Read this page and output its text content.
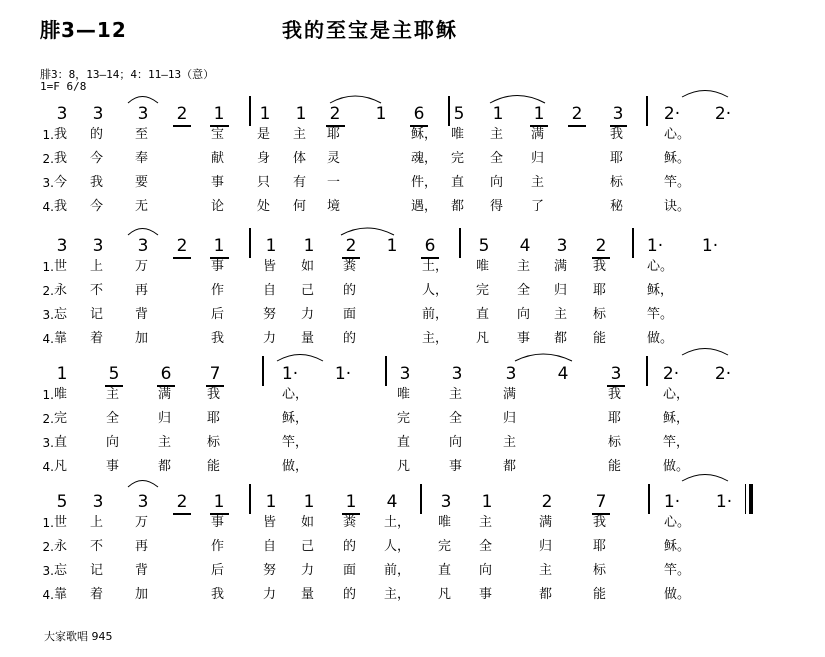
腓3—12	我的至宝是主耶稣
腓3：8，13—14；4：11—13（意）
1=F 6/8
大家歌唱 945
3 3 3 2 1 1 1 2 1 6 5 1 1 2 3 2· 2·
1. 我	的	至	宝	是	主	耶	稣，	唯	主	满	我	心。
2. 我	今	奉	献	身	体	灵	魂，	完	全	归	耶	稣。
3. 今	我	要	事	只	有	一	件，	直	向	主	标	竿。
4. 我	今	无	论	处	何	境	遇，	都	得	了	秘	诀。
3 3 3 2 1 1 1 2 1 6	5 4 3 2 1· 1·
1. 世	上	万	事	皆	如	粪	土，	唯	主	满	我	心。
2. 永	不	再	作	自	己	的	人，	完	全	归	耶	稣，
3. 忘	记	背	后	努	力	面	前，	直	向	主	标	竿。
4. 靠	着	加	我	力	量	的	主，	凡	事	都	能	做。
1 5 6 7	1· 1·	3 3	3 4 3 2· 2·
1. 唯	主	满	我	心，	唯	主	满	我	心，
2. 完	全	归	耶	稣，	完	全	归	耶	稣，
3. 直	向	主	标	竿，	直	向	主	标	竿，
4. 凡	事	都	能	做，	凡	事	都	能	做。
5 3 3 2 1 1 1 1 4	3 1	2	7	1· 1·
1. 世	上	万	事	皆	如	粪	土，	唯	主	满	我	心。
2. 永	不	再	作	自	己	的	人，	完	全	归	耶	稣。
3. 忘	记	背	后	努	力	面	前，	直	向	主	标	竿。
4. 靠	着	加	我	力	量	的	主，	凡	事	都	能	做。
